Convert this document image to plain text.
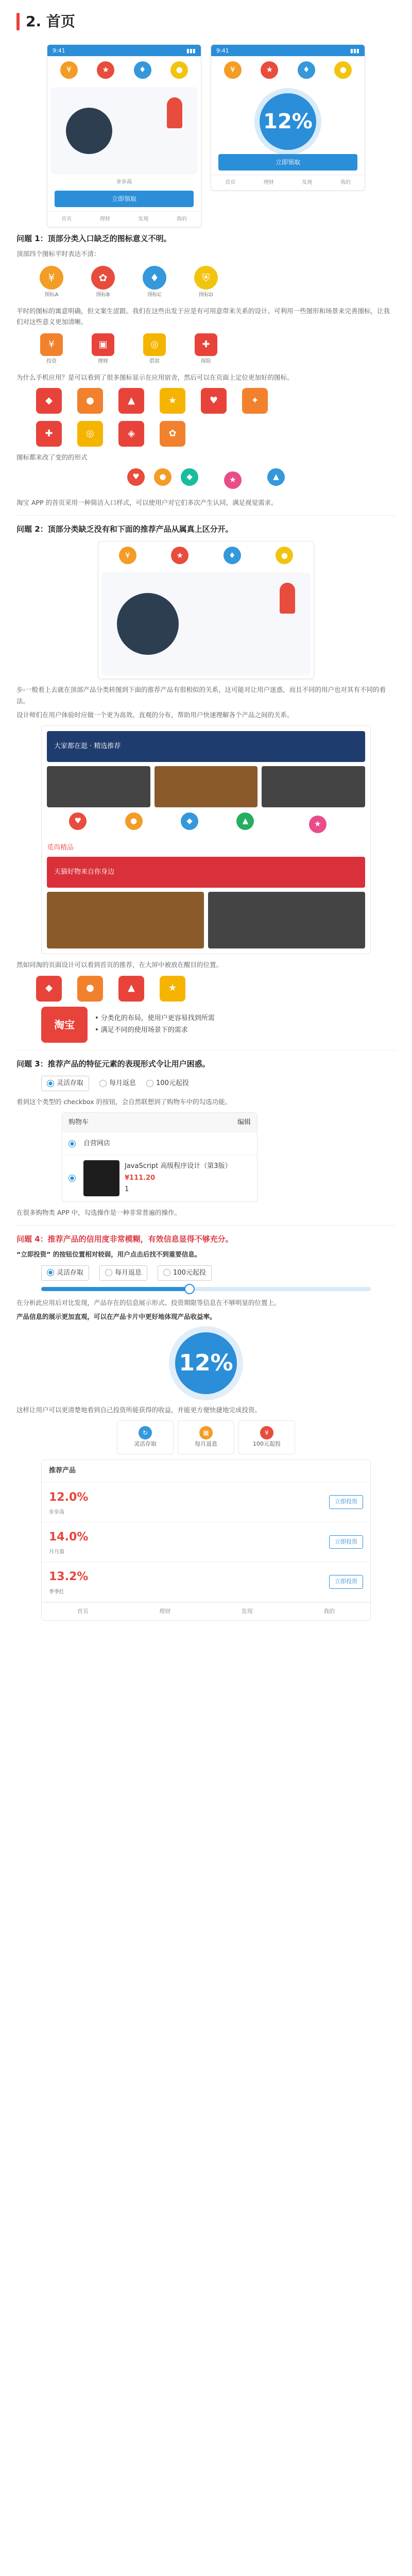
2. 首页
9:41	▮▮▮
¥	★	♦	●
步步高
立即领取
首页	理财	发现	我的
9:41	▮▮▮
¥	★	♦	●
12%
立即领取
首页	理财	发现	我的
问题 1：顶部分类入口缺乏的图标意义不明。
顶部四个图标平时表达不清：
¥
图标A
✿
图标B
♦
图标C
⛨
图标D
平时的图标的寓意明确，但文案生涩跟。我们在这些出发于应是有可用意带来关系的设计。可利用一些图形和场景来完善图标，让我们对这些意义更加清晰。
¥
投资
▣
理财
◎
借款
✚
保险
为什么手机应用？是可以看到了很多图标显示在应用宿舍，然后可以在页面上定位更加好的图标。
◆	●	▲	★	♥	✦
✚	◎	◈	✿
图标都来改了变的的形式
♥	●	◆	★	▲
淘宝 APP 的首页采用一种简洁入口样式，可以使用户对它们多次产生认同，满足视觉需求。
问题 2：顶部分类缺乏没有和下面的推荐产品从属真上区分开。
¥	★	♦	●
步-一般看上去就在顶部产品分类转图到下面的推荐产品有很相似的关系，这可能对让用户迷惑，而且不同的用户也对其有不同的看法。
设计师们在用户体验时应做一个更为高效、直观的分布，帮助用户快速理解各个产品之间的关系。
大家都在逛 · 精选推荐
♥	●	◆	▲	★
觅尚精品
天猫好物来自你身边
然如同淘的页面设计可以看到首页的推荐，在大屏中被放在醒目的位置。
◆	●	▲	★
淘宝	• 分类化的布局，使用户更容易找到所需
• 满足不同的使用场景下的需求
问题 3：推荐产品的特征元素的表现形式令让用户困惑。
灵活存取	每月返息	100元起投
看到这个类型的 checkbox 的按钮，会自然联想到了购物车中的勾选功能。
购物车	编辑
自营网店
JavaScript 高级程序设计（第3版）
¥111.20
1
在很多购物类 APP 中，勾选操作是一种非常普遍的操作。
问题 4：推荐产品的信用度非常模糊，有效信息显得不够充分。
“立即投资” 的按钮位置相对较弱，用户点击后找不到重要信息。
灵活存取	每月返息	100元起投
在分析此应用后对比发现，产品存在的信息展示形式、投资期限等信息在不够明显的位置上。
产品信息的展示更加直观，可以在产品卡片中更好地体现产品收益率。
12%
这样让用户可以更清楚地看到自己投资所能获得的收益，并能更方便快捷地完成投资。
↻
灵活存取
▦
每月返息
¥
100元起投
推荐产品
12.0%
步步高
立即投资
14.0%
月月盈
立即投资
13.2%
季季红
立即投资
首页	理财	发现	我的
